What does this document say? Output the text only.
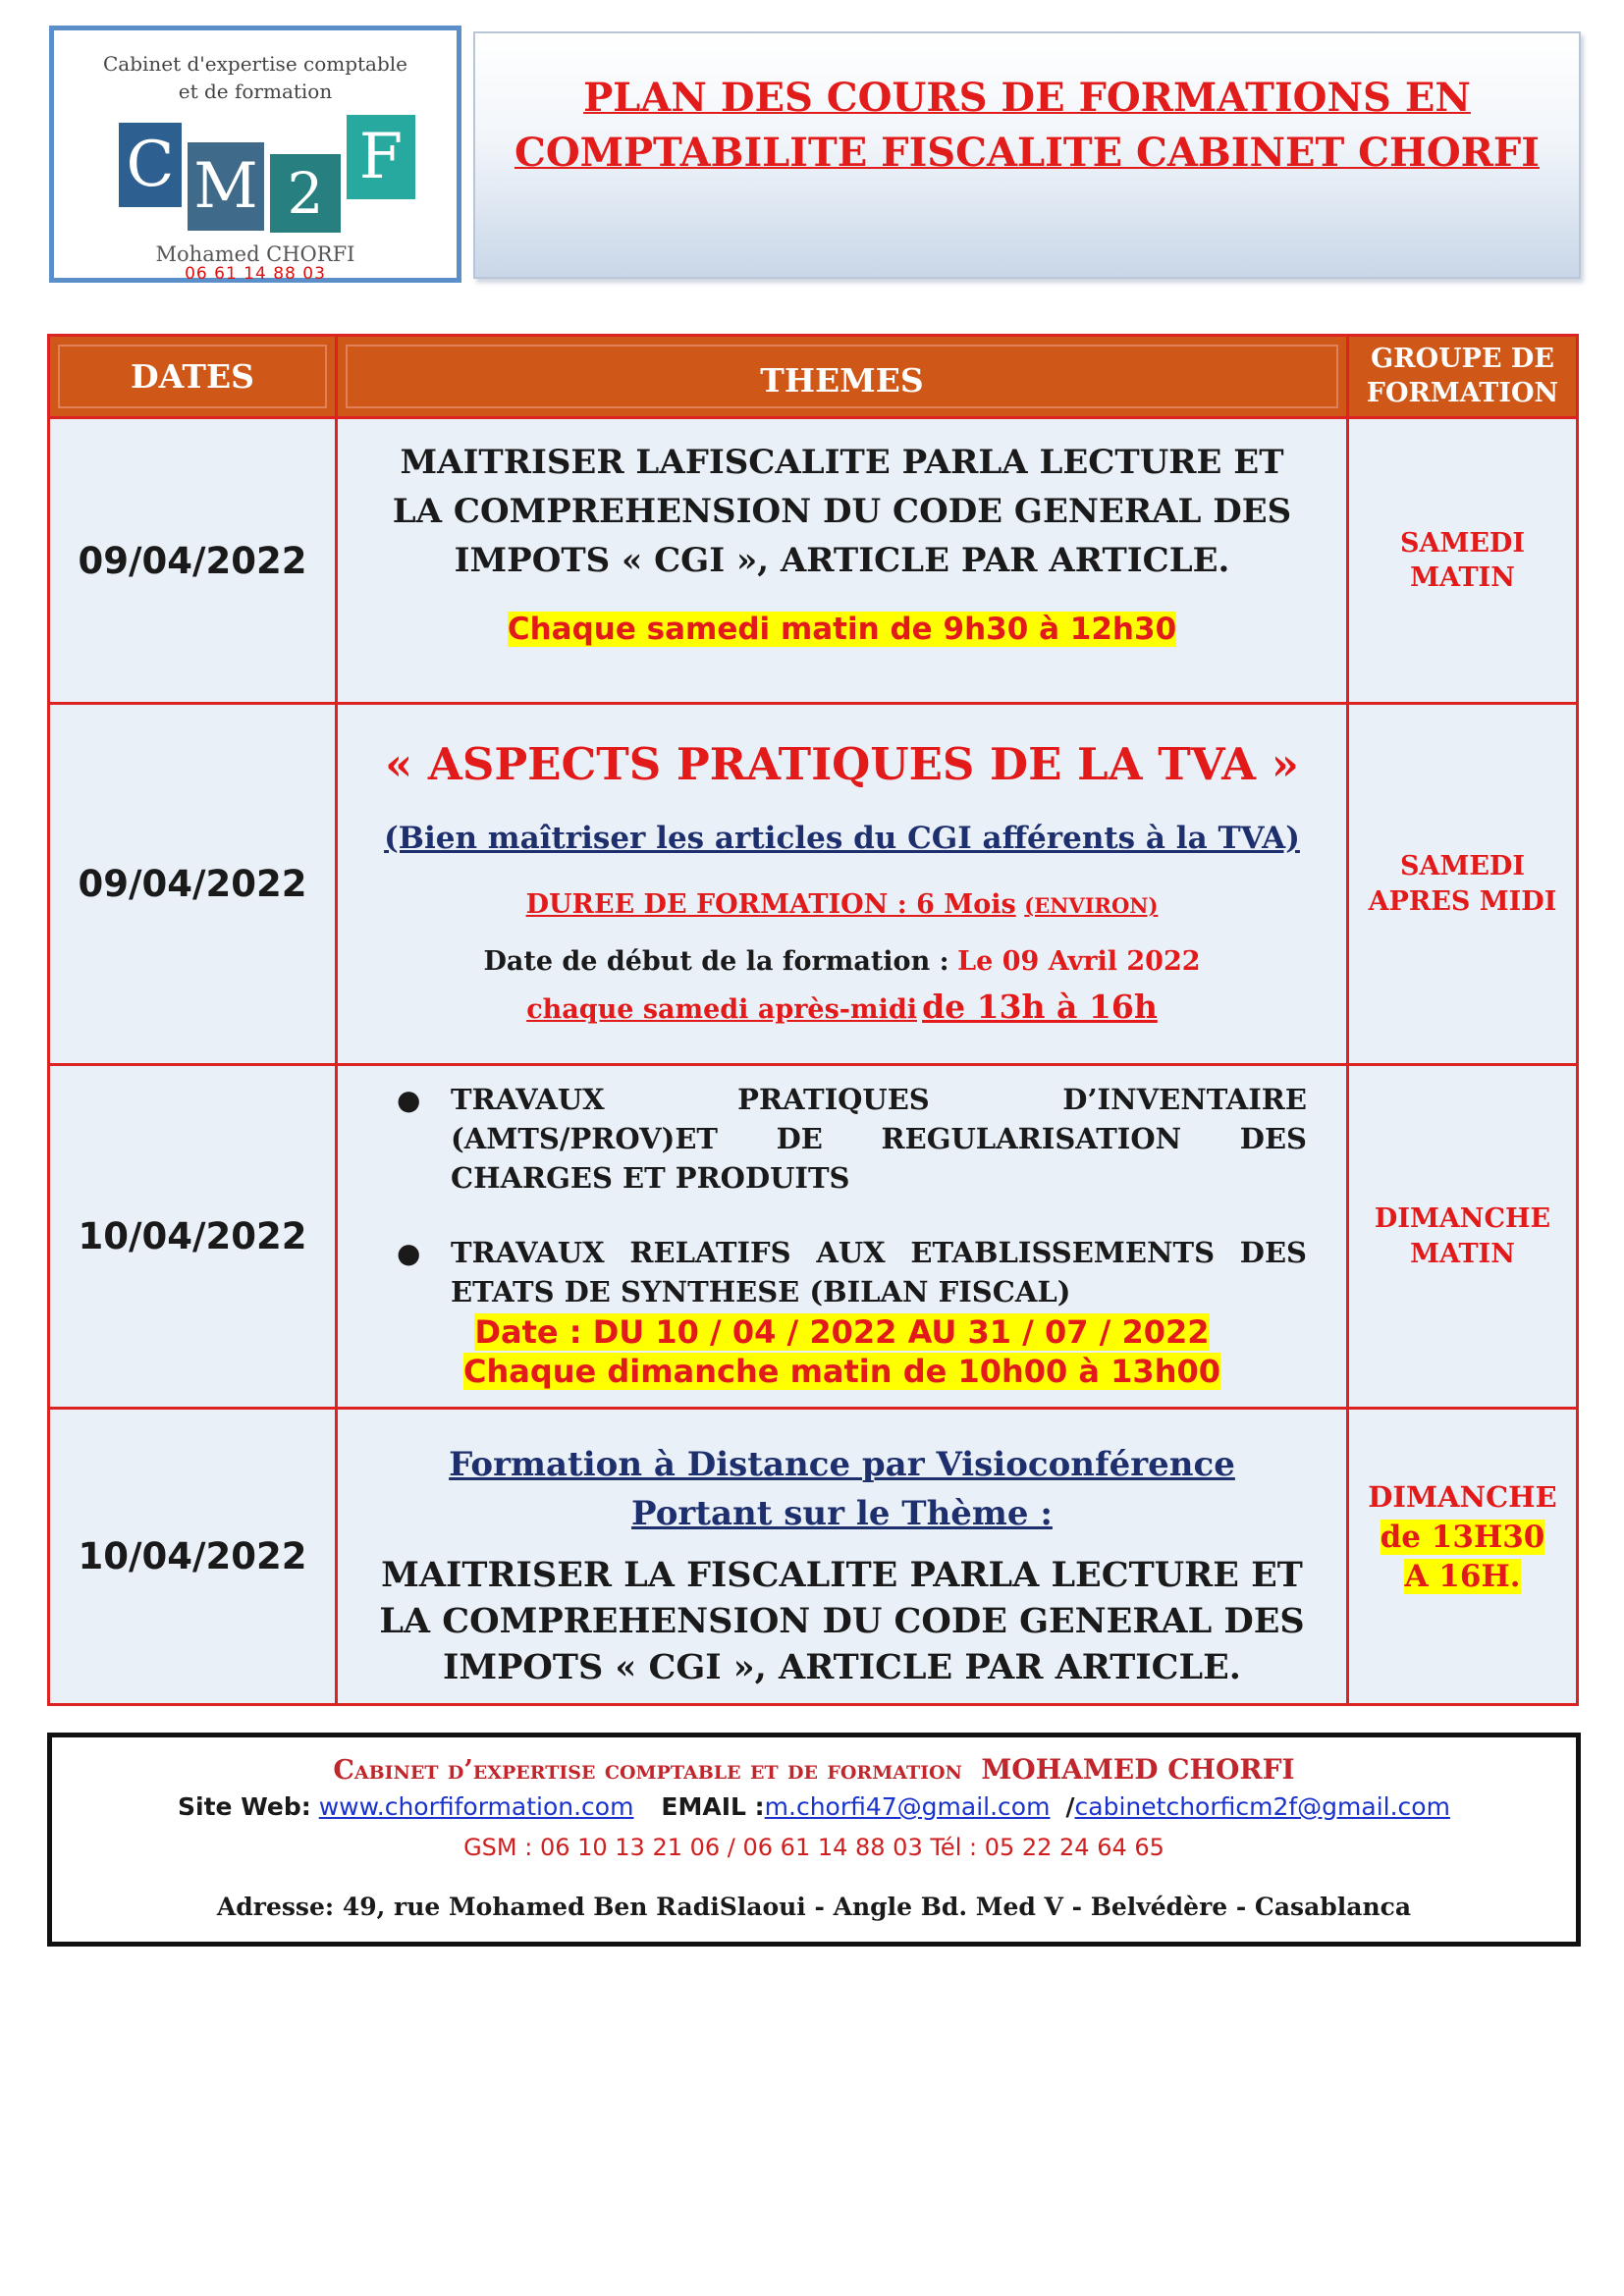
Cabinet d'expertise comptable
et de formation
C M 2 F
Mohamed CHORFI
06 61 14 88 03
PLAN DES COURS DE FORMATIONS EN
COMPTABILITE FISCALITE CABINET CHORFI
DATES	THEMES
GROUPE DE
FORMATION
09/04/2022
MAITRISER LAFISCALITE PARLA LECTURE ET
LA COMPREHENSION DU CODE GENERAL DES
IMPOTS « CGI », ARTICLE PAR ARTICLE.
Chaque samedi matin de 9h30 à 12h30
SAMEDI
MATIN
09/04/2022
« ASPECTS PRATIQUES DE LA TVA »
(Bien maîtriser les articles du CGI afférents à la TVA)
DUREE DE FORMATION : 6 Mois (ENVIRON)
Date de début de la formation : Le 09 Avril 2022
chaque samedi après-midi de 13h à 16h
SAMEDI
APRES MIDI
10/04/2022
● TRAVAUX PRATIQUES D’INVENTAIRE (AMTS/PROV)ET DE REGULARISATION DES CHARGES ET PRODUITS
● TRAVAUX RELATIFS AUX ETABLISSEMENTS DES ETATS DE SYNTHESE (BILAN FISCAL)
Date : DU 10 / 04 / 2022 AU 31 / 07 / 2022
Chaque dimanche matin de 10h00 à 13h00
DIMANCHE
MATIN
10/04/2022
Formation à Distance par Visioconférence
Portant sur le Thème :
MAITRISER LA FISCALITE PARLA LECTURE ET
LA COMPREHENSION DU CODE GENERAL DES
IMPOTS « CGI », ARTICLE PAR ARTICLE.
DIMANCHE
de 13H30
A 16H.
Cabinet d’expertise comptable et de formation MOHAMED CHORFI
Site Web: www.chorfiformation.com EMAIL :m.chorfi47@gmail.com /cabinetchorficm2f@gmail.com
GSM : 06 10 13 21 06 / 06 61 14 88 03 Tél : 05 22 24 64 65
Adresse: 49, rue Mohamed Ben RadiSlaoui - Angle Bd. Med V - Belvédère - Casablanca
